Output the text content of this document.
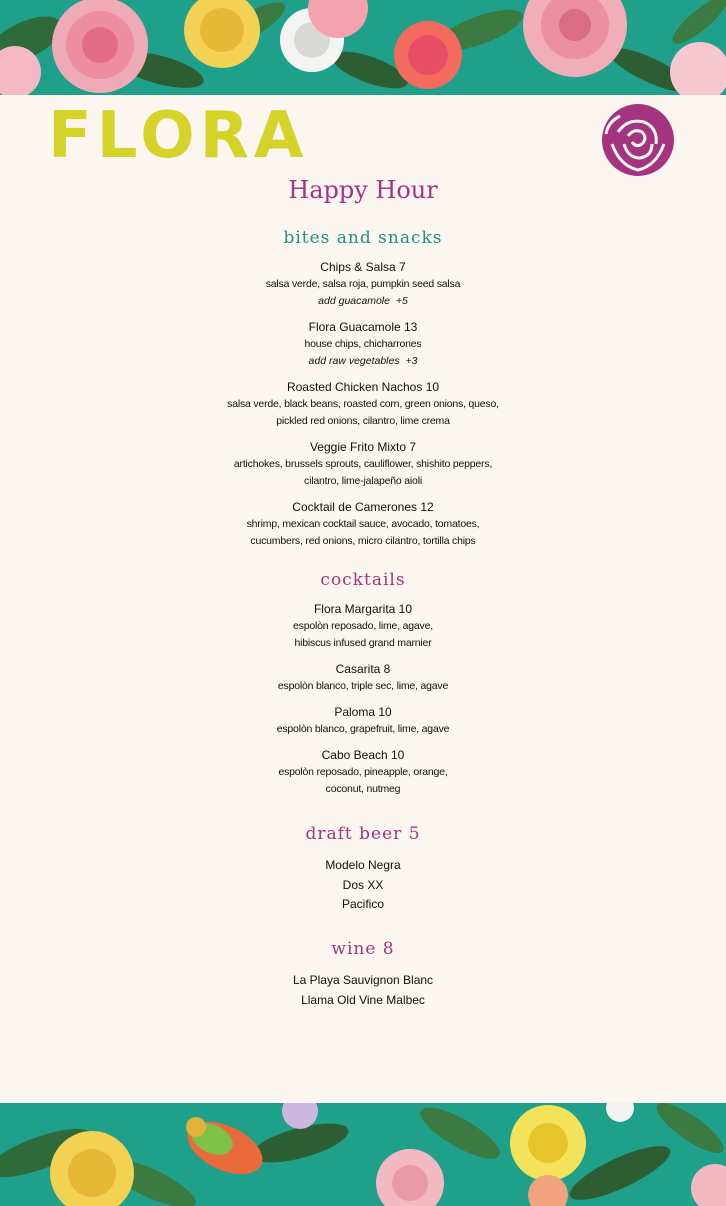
FLORA
Happy Hour
bites and snacks
Chips & Salsa 7
salsa verde, salsa roja, pumpkin seed salsa
add guacamole +5
Flora Guacamole 13
house chips, chicharrones
add raw vegetables +3
Roasted Chicken Nachos 10
salsa verde, black beans, roasted corn, green onions, queso,
pickled red onions, cilantro, lime crema
Veggie Frito Mixto 7
artichokes, brussels sprouts, cauliflower, shishito peppers,
cilantro, lime-jalapeño aioli
Cocktail de Camerones 12
shrimp, mexican cocktail sauce, avocado, tomatoes,
cucumbers, red onions, micro cilantro, tortilla chips
cocktails
Flora Margarita 10
espolòn reposado, lime, agave,
hibiscus infused grand marnier
Casarita 8
espolòn blanco, triple sec, lime, agave
Paloma 10
espolòn blanco, grapefruit, lime, agave
Cabo Beach 10
espolòn reposado, pineapple, orange,
coconut, nutmeg
draft beer 5
Modelo Negra
Dos XX
Pacifico
wine 8
La Playa Sauvignon Blanc
Llama Old Vine Malbec
